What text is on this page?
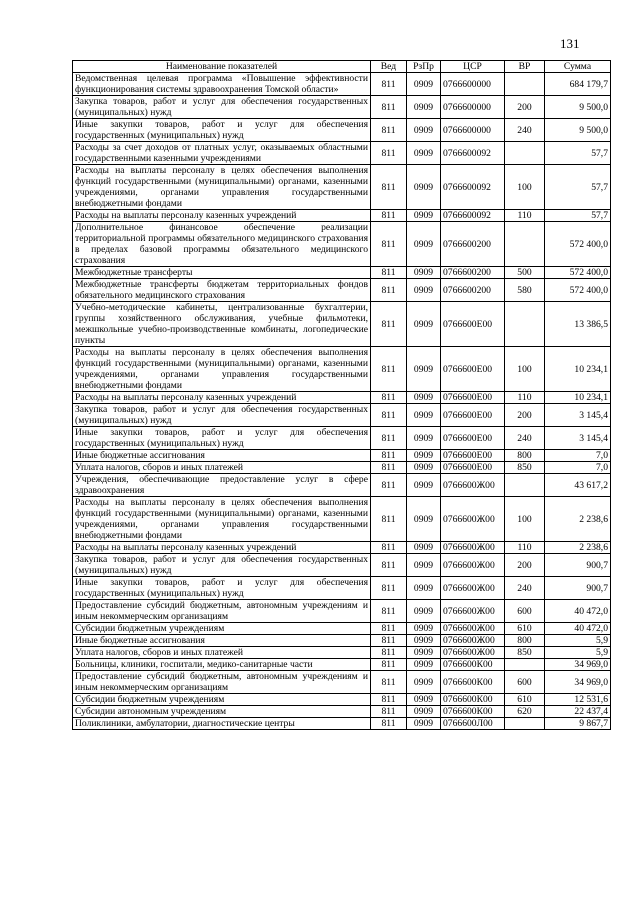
131
Наименование показателей	Вед	РзПр	ЦСР	ВР	Сумма
Ведомственная целевая программа «Повышение эффективности функционирования системы здравоохранения Томской области»	811	0909	0766600000		684 179,7
Закупка товаров, работ и услуг для обеспечения государственных (муниципальных) нужд	811	0909	0766600000	200	9 500,0
Иные закупки товаров, работ и услуг для обеспечения государственных (муниципальных) нужд	811	0909	0766600000	240	9 500,0
Расходы за счет доходов от платных услуг, оказываемых областными государственными казенными учреждениями	811	0909	0766600092		57,7
Расходы на выплаты персоналу в целях обеспечения выполнения функций государственными (муниципальными) органами, казенными учреждениями, органами управления государственными внебюджетными фондами	811	0909	0766600092	100	57,7
Расходы на выплаты персоналу казенных учреждений	811	0909	0766600092	110	57,7
Дополнительное финансовое обеспечение реализации территориальной программы обязательного медицинского страхования в пределах базовой программы обязательного медицинского страхования	811	0909	0766600200		572 400,0
Межбюджетные трансферты	811	0909	0766600200	500	572 400,0
Межбюджетные трансферты бюджетам территориальных фондов обязательного медицинского страхования	811	0909	0766600200	580	572 400,0
Учебно-методические кабинеты, централизованные бухгалтерии, группы хозяйственного обслуживания, учебные фильмотеки, межшкольные учебно-производственные комбинаты, логопедические пункты	811	0909	0766600Е00		13 386,5
Расходы на выплаты персоналу в целях обеспечения выполнения функций государственными (муниципальными) органами, казенными учреждениями, органами управления государственными внебюджетными фондами	811	0909	0766600Е00	100	10 234,1
Расходы на выплаты персоналу казенных учреждений	811	0909	0766600Е00	110	10 234,1
Закупка товаров, работ и услуг для обеспечения государственных (муниципальных) нужд	811	0909	0766600Е00	200	3 145,4
Иные закупки товаров, работ и услуг для обеспечения государственных (муниципальных) нужд	811	0909	0766600Е00	240	3 145,4
Иные бюджетные ассигнования	811	0909	0766600Е00	800	7,0
Уплата налогов, сборов и иных платежей	811	0909	0766600Е00	850	7,0
Учреждения, обеспечивающие предоставление услуг в сфере здравоохранения	811	0909	0766600Ж00		43 617,2
Расходы на выплаты персоналу в целях обеспечения выполнения функций государственными (муниципальными) органами, казенными учреждениями, органами управления государственными внебюджетными фондами	811	0909	0766600Ж00	100	2 238,6
Расходы на выплаты персоналу казенных учреждений	811	0909	0766600Ж00	110	2 238,6
Закупка товаров, работ и услуг для обеспечения государственных (муниципальных) нужд	811	0909	0766600Ж00	200	900,7
Иные закупки товаров, работ и услуг для обеспечения государственных (муниципальных) нужд	811	0909	0766600Ж00	240	900,7
Предоставление субсидий бюджетным, автономным учреждениям и иным некоммерческим организациям	811	0909	0766600Ж00	600	40 472,0
Субсидии бюджетным учреждениям	811	0909	0766600Ж00	610	40 472,0
Иные бюджетные ассигнования	811	0909	0766600Ж00	800	5,9
Уплата налогов, сборов и иных платежей	811	0909	0766600Ж00	850	5,9
Больницы, клиники, госпитали, медико-санитарные части	811	0909	0766600К00		34 969,0
Предоставление субсидий бюджетным, автономным учреждениям и иным некоммерческим организациям	811	0909	0766600К00	600	34 969,0
Субсидии бюджетным учреждениям	811	0909	0766600К00	610	12 531,6
Субсидии автономным учреждениям	811	0909	0766600К00	620	22 437,4
Поликлиники, амбулатории, диагностические центры	811	0909	0766600Л00		9 867,7
